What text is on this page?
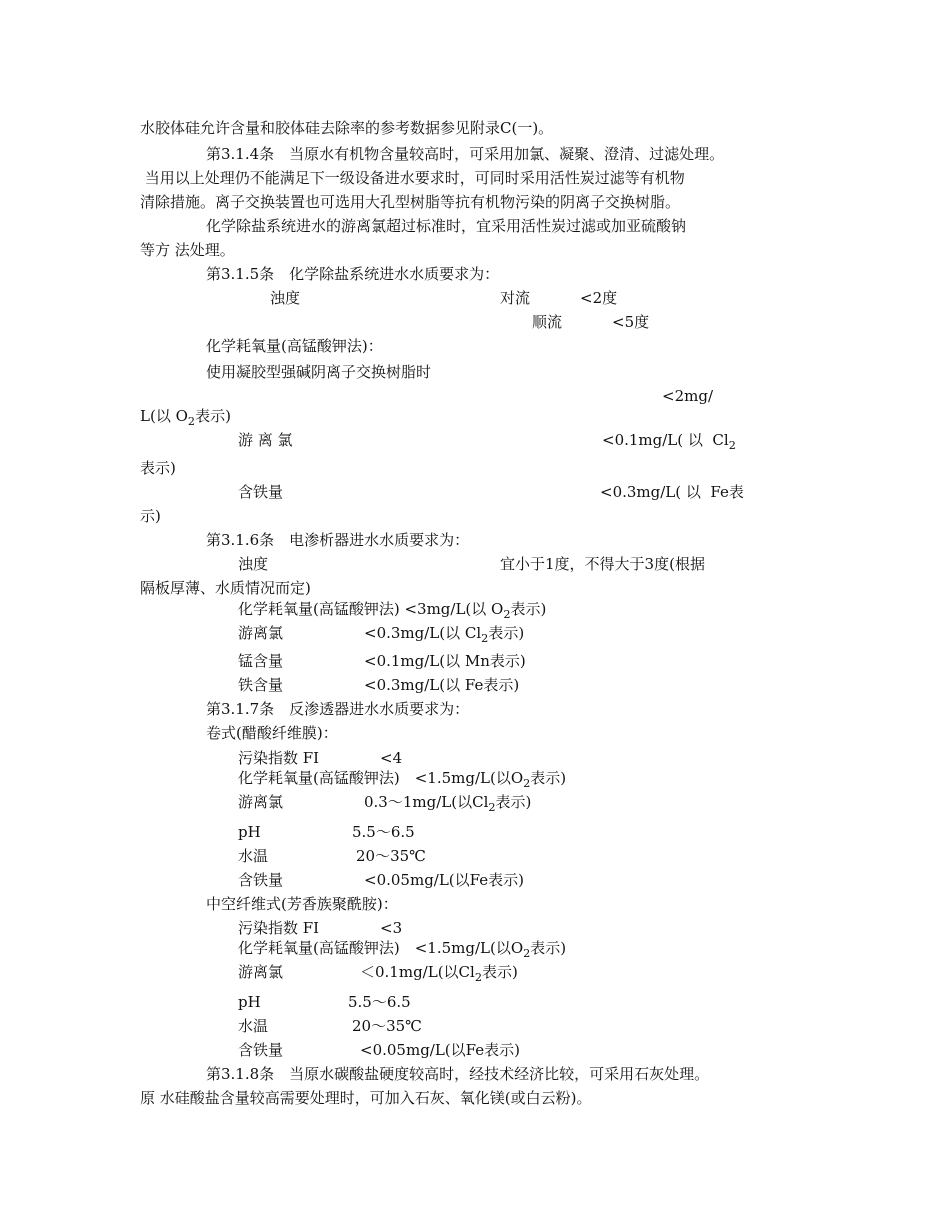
水胶体硅允许含量和胶体硅去除率的参考数据参见附录C(一)。
第3.1.4条　当原水有机物含量较高时，可采用加氯、凝聚、澄清、过滤处理。
当用以上处理仍不能满足下一级设备进水要求时，可同时采用活性炭过滤等有机物
清除措施。离子交换装置也可选用大孔型树脂等抗有机物污染的阴离子交换树脂。
化学除盐系统进水的游离氯超过标准时，宜采用活性炭过滤或加亚硫酸钠
等方 法处理。
第3.1.5条　化学除盐系统进水水质要求为：
浊度	对流	<2度
顺流	<5度
化学耗氧量(高锰酸钾法)：
使用凝胶型强碱阴离子交换树脂时
<2mg/
L(以 $O_2$表示)
游 离 氯	<0.1mg/L( 以  $Cl_2$
表示)
含铁量	<0.3mg/L( 以  Fe表
示)
第3.1.6条　电渗析器进水水质要求为：
浊度	宜小于1度，不得大于3度(根据
隔板厚薄、水质情况而定)
化学耗氧量(高锰酸钾法) <3mg/L(以 $O_2$表示)
游离氯	<0.3mg/L(以 $Cl_2$表示)
锰含量	<0.1mg/L(以 Mn表示)
铁含量	<0.3mg/L(以 Fe表示)
第3.1.7条　反渗透器进水水质要求为：
卷式(醋酸纤维膜)：
污染指数 FI	<4
化学耗氧量(高锰酸钾法)　<1.5mg/L(以$O_2$表示)
游离氯	0.3～1mg/L(以$Cl_2$表示)
pH	5.5～6.5
水温	20～35℃
含铁量	<0.05mg/L(以Fe表示)
中空纤维式(芳香族聚酰胺)：
污染指数 FI	<3
化学耗氧量(高锰酸钾法)　<1.5mg/L(以$O_2$表示)
游离氯	＜0.1mg/L(以$Cl_2$表示)
pH	5.5～6.5
水温	20～35℃
含铁量	<0.05mg/L(以Fe表示)
第3.1.8条　当原水碳酸盐硬度较高时，经技术经济比较，可采用石灰处理。
原 水硅酸盐含量较高需要处理时，可加入石灰、氧化镁(或白云粉)。
